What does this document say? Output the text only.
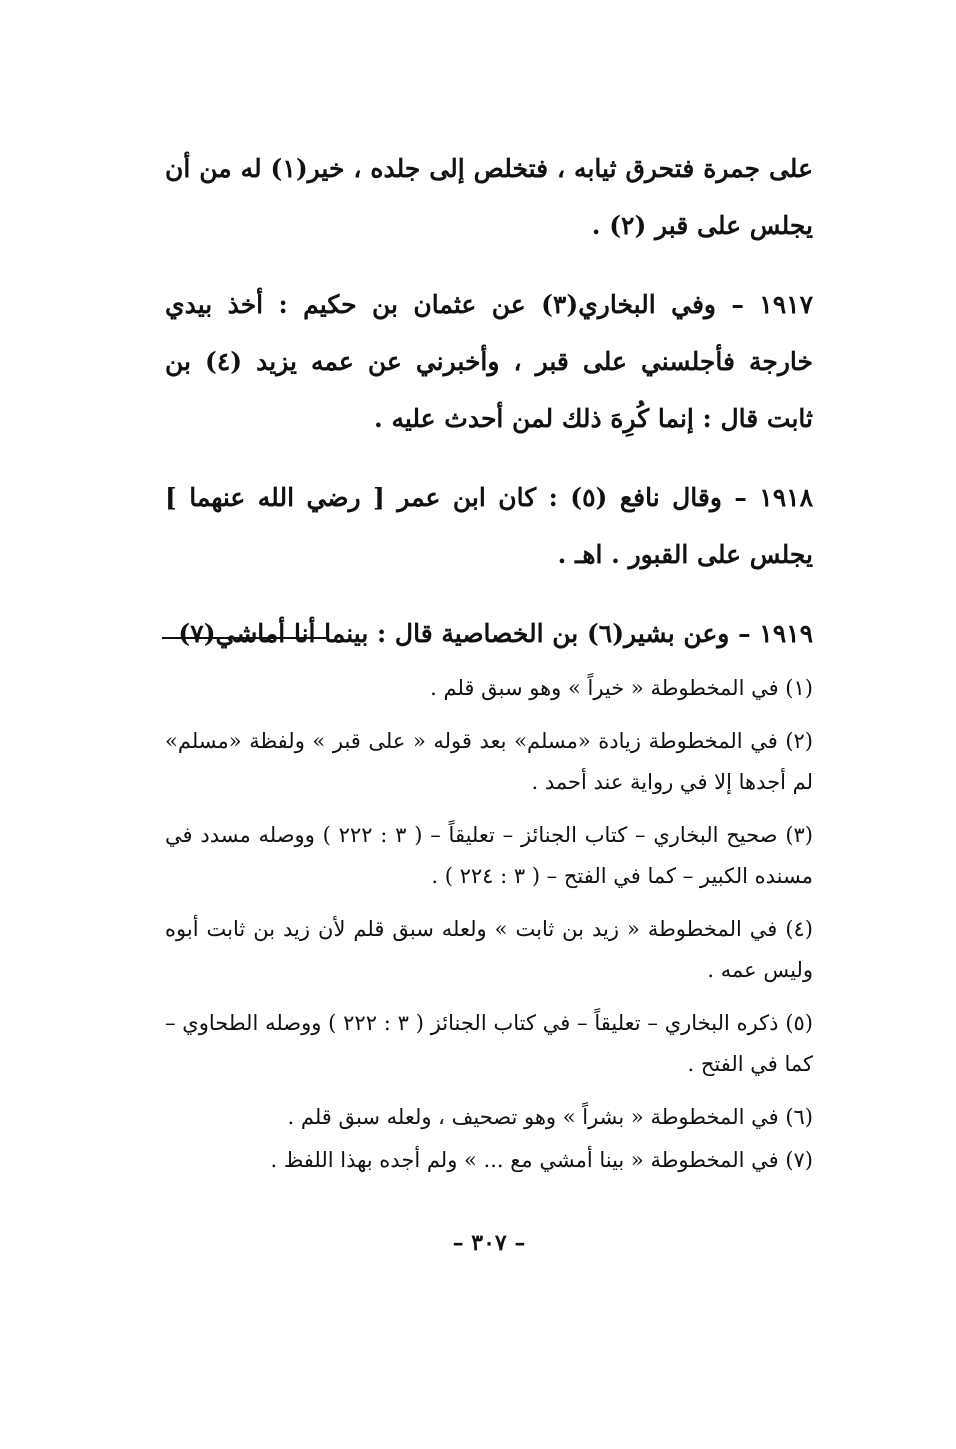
على جمرة فتحرق ثيابه ، فتخلص إلى جلده ، خير(١) له من أن يجلس على قبر (٢) .

١٩١٧ – وفي البخاري(٣) عن عثمان بن حكيم : أخذ بيدي خارجة فأجلسني على قبر ، وأخبرني عن عمه يزيد (٤) بن ثابت قال : إنما كُرِهَ ذلك لمن أحدث عليه .

١٩١٨ – وقال نافع (٥) : كان ابن عمر [ رضي الله عنهما ] يجلس على القبور . اهـ .

١٩١٩ – وعن بشير(٦) بن الخصاصية قال : بينما أنا أماشي(٧)

(١) في المخطوطة « خيراً » وهو سبق قلم .

(٢) في المخطوطة زيادة «مسلم» بعد قوله « على قبر » ولفظة «مسلم» لم أجدها إلا في رواية عند أحمد .

(٣) صحيح البخاري – كتاب الجنائز – تعليقاً – ( ٣ : ٢٢٢ ) ووصله مسدد في مسنده الكبير – كما في الفتح – ( ٣ : ٢٢٤ ) .

(٤) في المخطوطة « زيد بن ثابت » ولعله سبق قلم لأن زيد بن ثابت أبوه وليس عمه .

(٥) ذكره البخاري – تعليقاً – في كتاب الجنائز ( ٣ : ٢٢٢ ) ووصله الطحاوي – كما في الفتح .

(٦) في المخطوطة « بشراً » وهو تصحيف ، ولعله سبق قلم .

(٧) في المخطوطة « بينا أمشي مع ... » ولم أجده بهذا اللفظ .

– ٣٠٧ –
